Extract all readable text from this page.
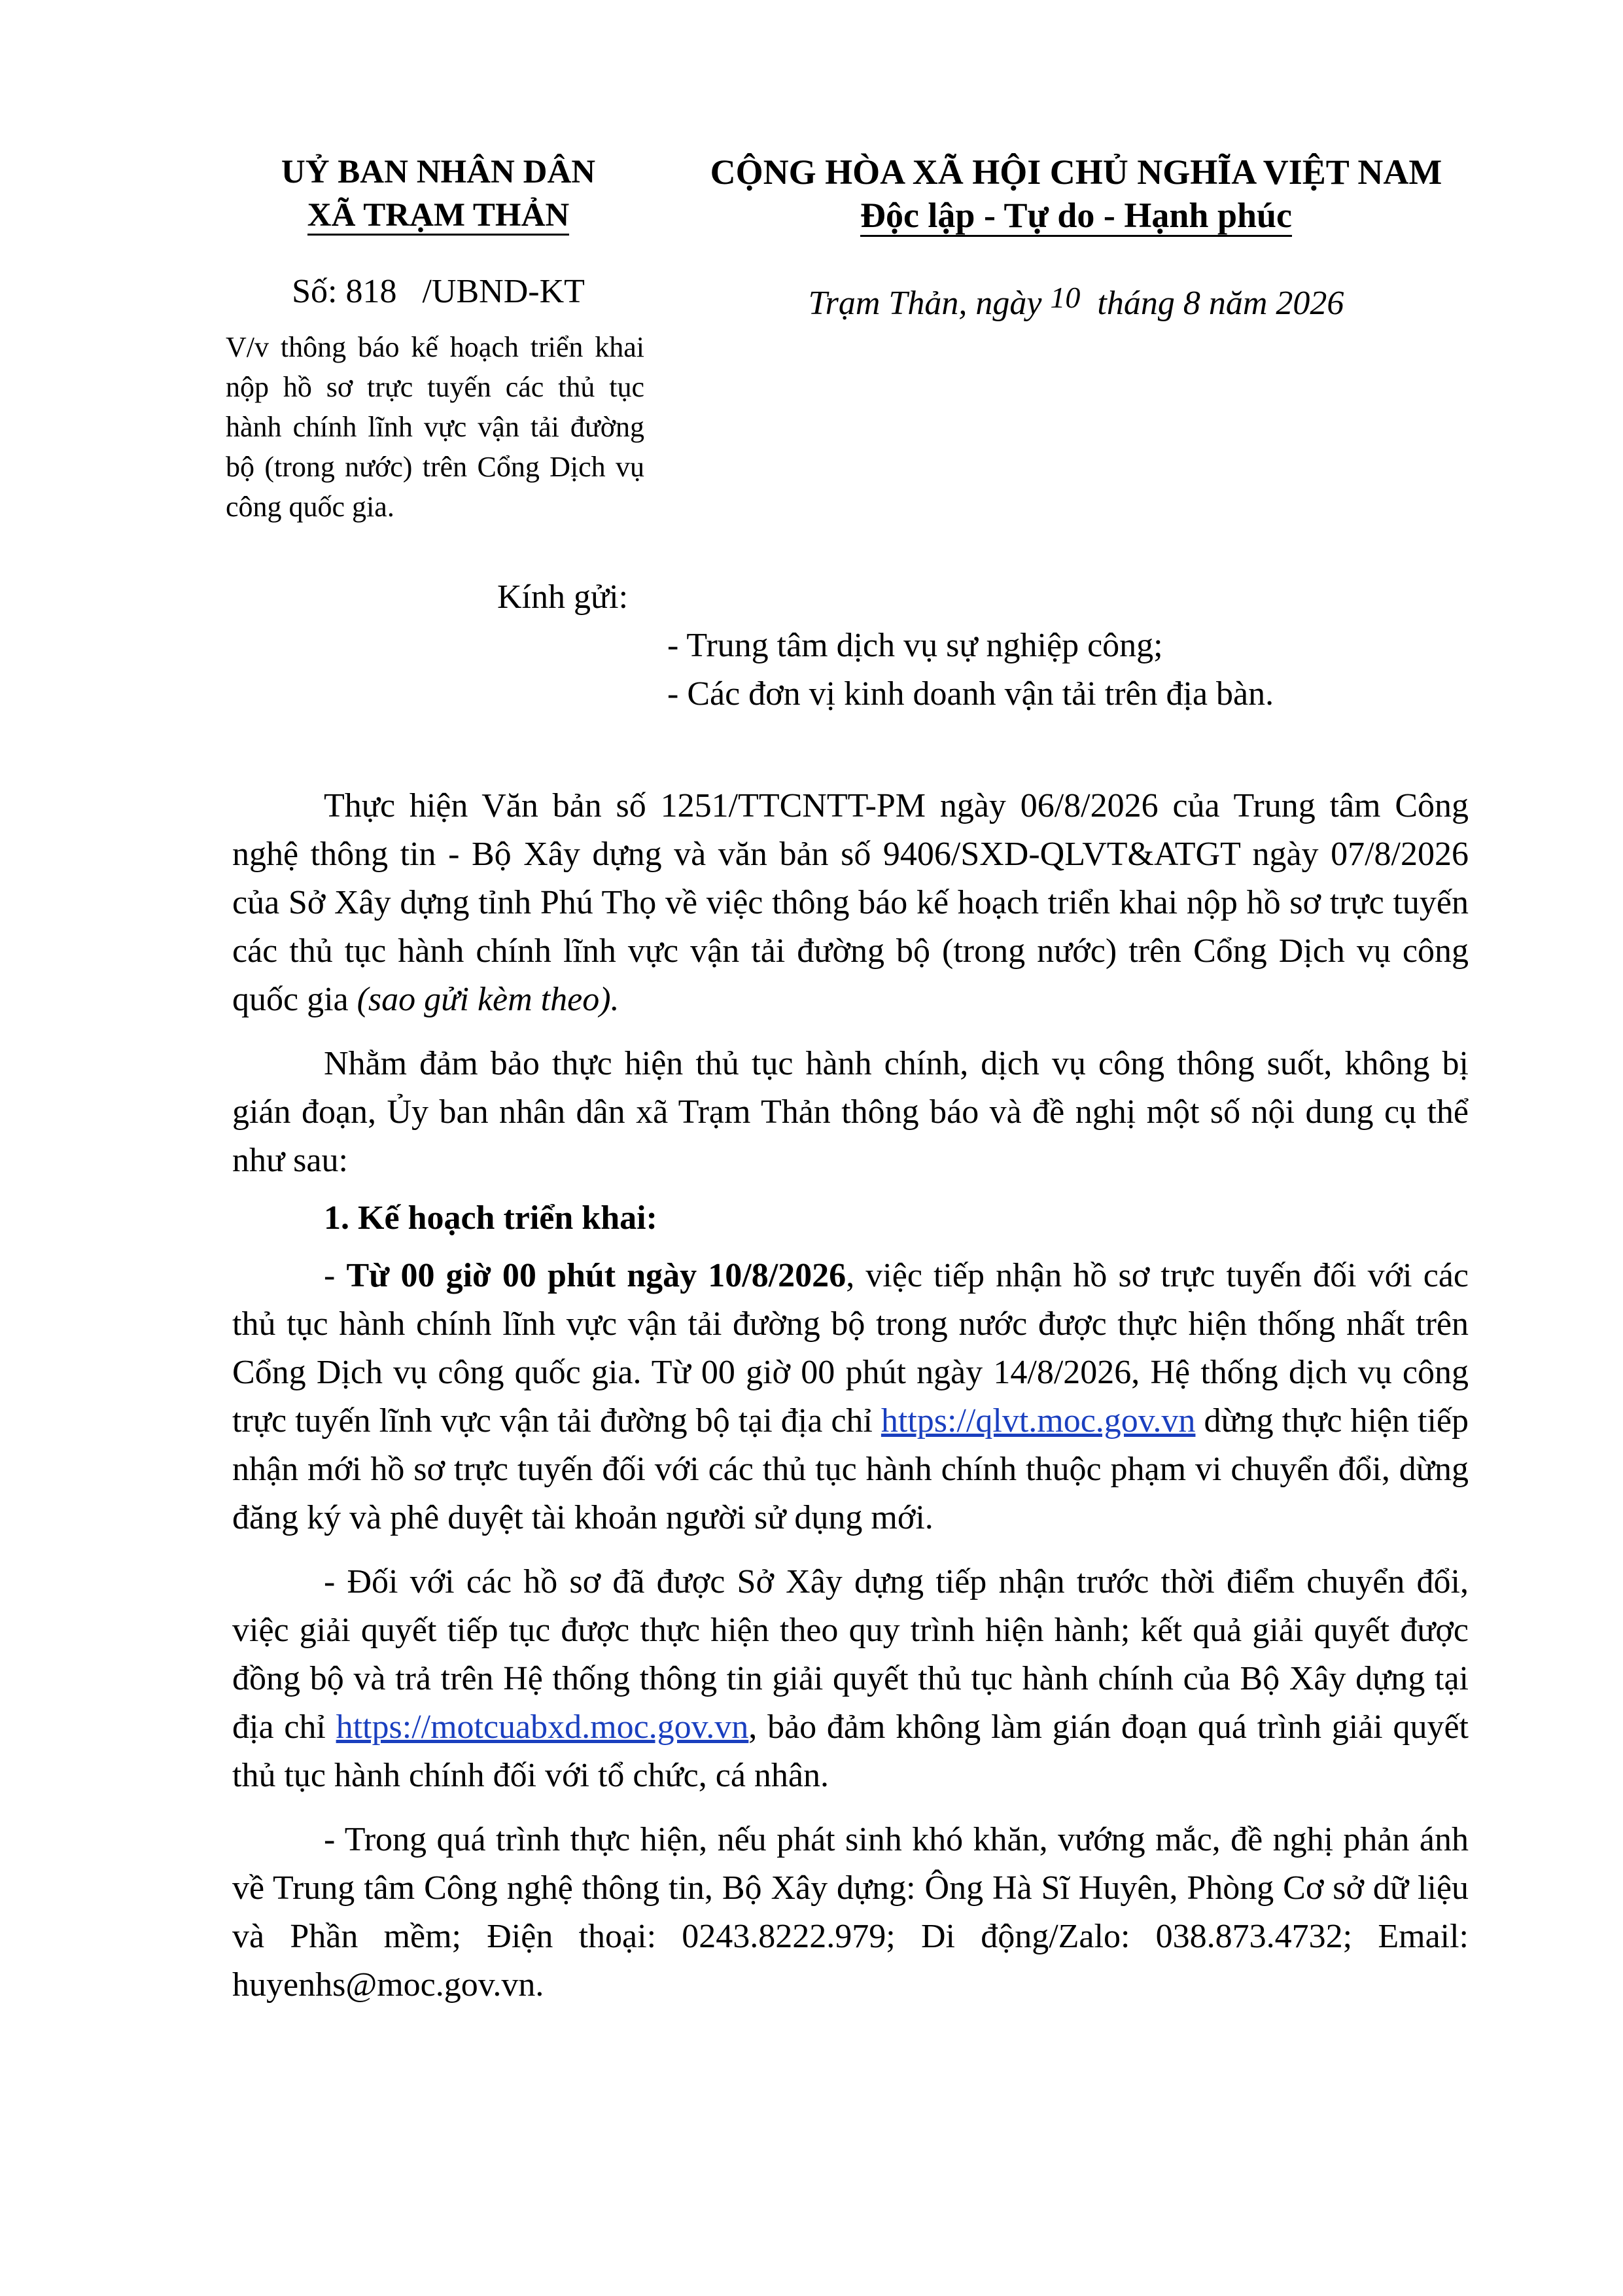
UỶ BAN NHÂN DÂN
XÃ TRẠM THẢN
CỘNG HÒA XÃ HỘI CHỦ NGHĨA VIỆT NAM
Độc lập - Tự do - Hạnh phúc
Số: 818 /UBND-KT	Trạm Thản, ngày 10 tháng 8 năm 2026
V/v thông báo kế hoạch triển khai nộp hồ sơ trực tuyến các thủ tục hành chính lĩnh vực vận tải đường bộ (trong nước) trên Cổng Dịch vụ công quốc gia.
Kính gửi:
- Trung tâm dịch vụ sự nghiệp công;
- Các đơn vị kinh doanh vận tải trên địa bàn.

Thực hiện Văn bản số 1251/TTCNTT-PM ngày 06/8/2026 của Trung tâm Công nghệ thông tin - Bộ Xây dựng và văn bản số 9406/SXD-QLVT&ATGT ngày 07/8/2026 của Sở Xây dựng tỉnh Phú Thọ về việc thông báo kế hoạch triển khai nộp hồ sơ trực tuyến các thủ tục hành chính lĩnh vực vận tải đường bộ (trong nước) trên Cổng Dịch vụ công quốc gia (sao gửi kèm theo).

Nhằm đảm bảo thực hiện thủ tục hành chính, dịch vụ công thông suốt, không bị gián đoạn, Ủy ban nhân dân xã Trạm Thản thông báo và đề nghị một số nội dung cụ thể như sau:

1. Kế hoạch triển khai:

- Từ 00 giờ 00 phút ngày 10/8/2026, việc tiếp nhận hồ sơ trực tuyến đối với các thủ tục hành chính lĩnh vực vận tải đường bộ trong nước được thực hiện thống nhất trên Cổng Dịch vụ công quốc gia. Từ 00 giờ 00 phút ngày 14/8/2026, Hệ thống dịch vụ công trực tuyến lĩnh vực vận tải đường bộ tại địa chỉ https://qlvt.moc.gov.vn dừng thực hiện tiếp nhận mới hồ sơ trực tuyến đối với các thủ tục hành chính thuộc phạm vi chuyển đổi, dừng đăng ký và phê duyệt tài khoản người sử dụng mới.

- Đối với các hồ sơ đã được Sở Xây dựng tiếp nhận trước thời điểm chuyển đổi, việc giải quyết tiếp tục được thực hiện theo quy trình hiện hành; kết quả giải quyết được đồng bộ và trả trên Hệ thống thông tin giải quyết thủ tục hành chính của Bộ Xây dựng tại địa chỉ https://motcuabxd.moc.gov.vn, bảo đảm không làm gián đoạn quá trình giải quyết thủ tục hành chính đối với tổ chức, cá nhân.

- Trong quá trình thực hiện, nếu phát sinh khó khăn, vướng mắc, đề nghị phản ánh về Trung tâm Công nghệ thông tin, Bộ Xây dựng: Ông Hà Sĩ Huyên, Phòng Cơ sở dữ liệu và Phần mềm; Điện thoại: 0243.8222.979; Di động/Zalo: 038.873.4732; Email: huyenhs@moc.gov.vn.
